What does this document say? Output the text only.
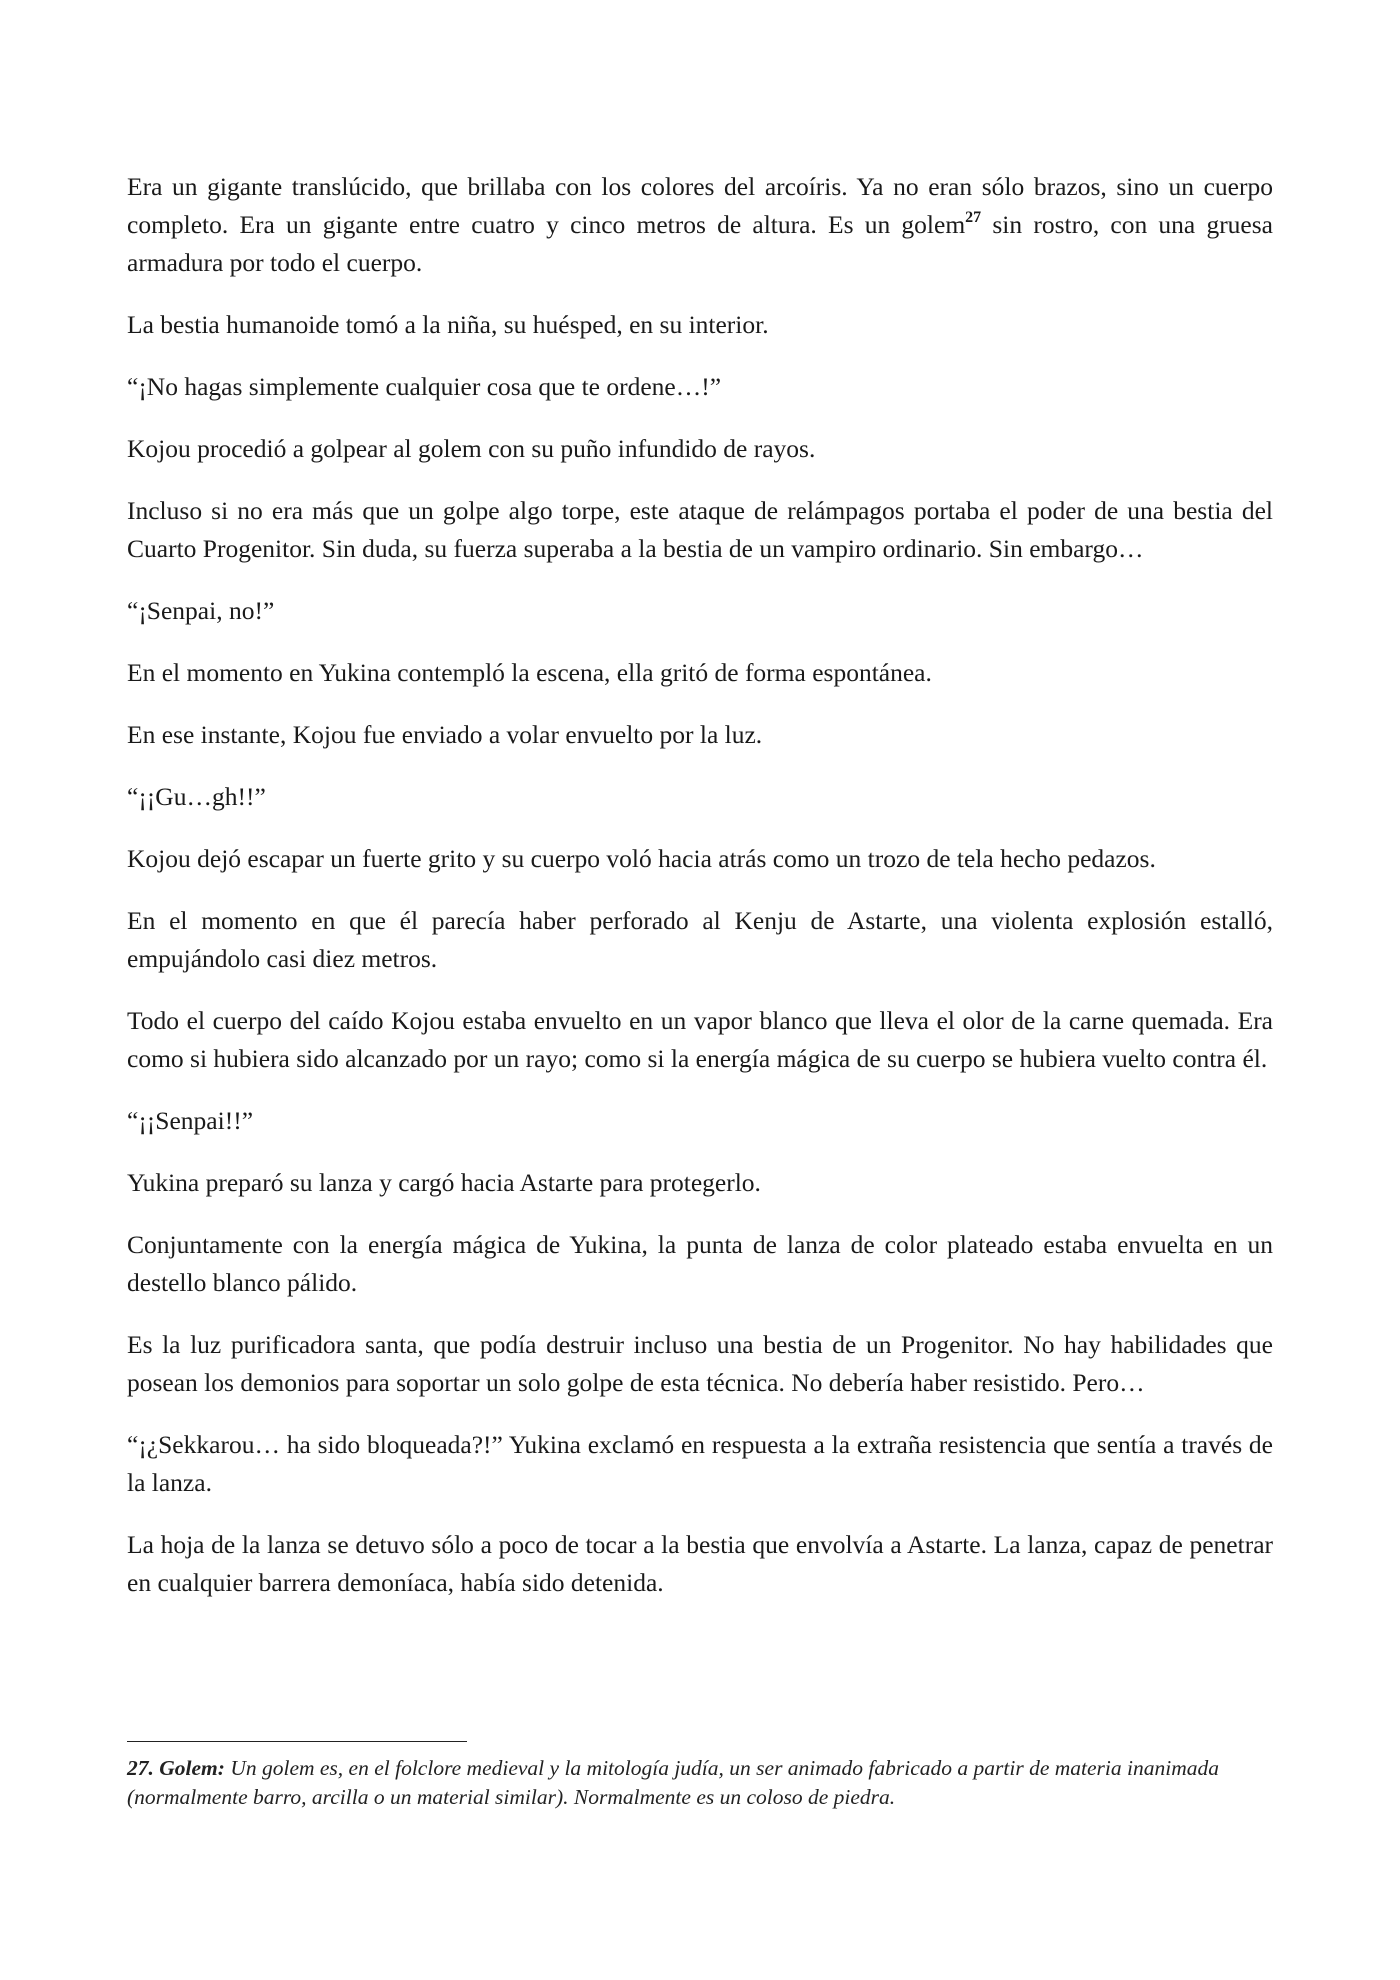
Era un gigante translúcido, que brillaba con los colores del arcoíris. Ya no eran sólo brazos, sino un cuerpo completo. Era un gigante entre cuatro y cinco metros de altura. Es un golem$^{27}$ sin rostro, con una gruesa armadura por todo el cuerpo.

La bestia humanoide tomó a la niña, su huésped, en su interior.

“¡No hagas simplemente cualquier cosa que te ordene…!”

Kojou procedió a golpear al golem con su puño infundido de rayos.

Incluso si no era más que un golpe algo torpe, este ataque de relámpagos portaba el poder de una bestia del Cuarto Progenitor. Sin duda, su fuerza superaba a la bestia de un vampiro ordinario. Sin embargo…

“¡Senpai, no!”

En el momento en Yukina contempló la escena, ella gritó de forma espontánea.

En ese instante, Kojou fue enviado a volar envuelto por la luz.

“¡¡Gu…gh!!”

Kojou dejó escapar un fuerte grito y su cuerpo voló hacia atrás como un trozo de tela hecho pedazos.

En el momento en que él parecía haber perforado al Kenju de Astarte, una violenta explosión estalló, empujándolo casi diez metros.

Todo el cuerpo del caído Kojou estaba envuelto en un vapor blanco que lleva el olor de la carne quemada. Era como si hubiera sido alcanzado por un rayo; como si la energía mágica de su cuerpo se hubiera vuelto contra él.

“¡¡Senpai!!”

Yukina preparó su lanza y cargó hacia Astarte para protegerlo.

Conjuntamente con la energía mágica de Yukina, la punta de lanza de color plateado estaba envuelta en un destello blanco pálido.

Es la luz purificadora santa, que podía destruir incluso una bestia de un Progenitor. No hay habilidades que posean los demonios para soportar un solo golpe de esta técnica. No debería haber resistido. Pero…

“¡¿Sekkarou… ha sido bloqueada?!” Yukina exclamó en respuesta a la extraña resistencia que sentía a través de la lanza.

La hoja de la lanza se detuvo sólo a poco de tocar a la bestia que envolvía a Astarte. La lanza, capaz de penetrar en cualquier barrera demoníaca, había sido detenida.

27. Golem: Un golem es, en el folclore medieval y la mitología judía, un ser animado fabricado a partir de materia inanimada (normalmente barro, arcilla o un material similar). Normalmente es un coloso de piedra.
